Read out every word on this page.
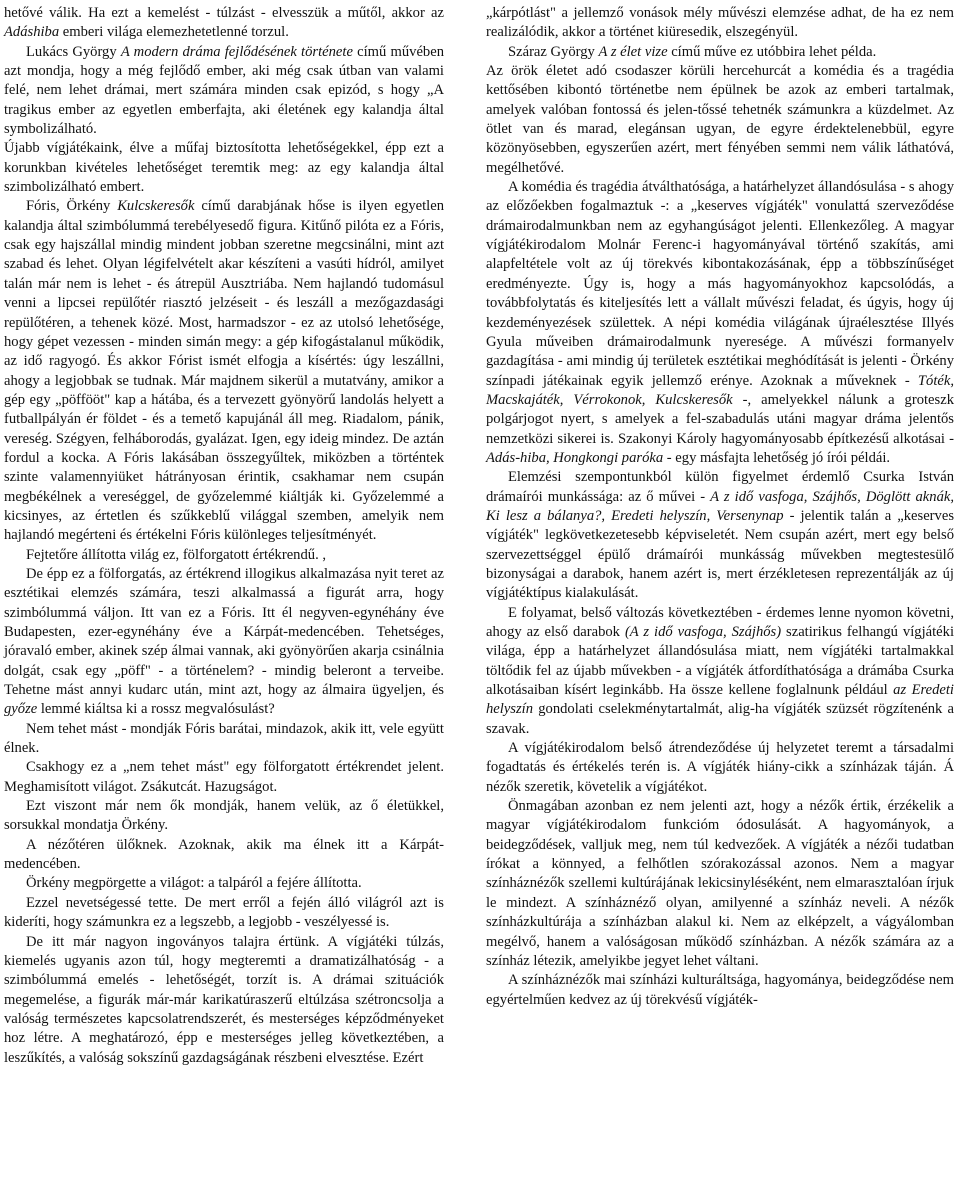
hetővé válik. Ha ezt a kemelést - túlzást - elvesszük a műtől, akkor az Adáshiba emberi világa elemezhetetlenné torzul.

Lukács György A modern dráma fejlődésének története című művében azt mondja, hogy a még fejlődő ember, aki még csak útban van valami felé, nem lehet drámai, mert számára minden csak epizód, s hogy „A tragikus ember az egyetlen emberfajta, aki életének egy kalandja által symbolizálható.

Újabb vígjátékaink, élve a műfaj biztosította lehetőségekkel, épp ezt a korunkban kivételes lehetőséget teremtik meg: az egy kalandja által szimbolizálható embert.

Fóris, Örkény Kulcskeresők című darabjának hőse is ilyen egyetlen kalandja által szimbólummá terebélyesedő figura. Kitűnő pilóta ez a Fóris, csak egy hajszállal mindig mindent jobban szeretne megcsinálni, mint azt szabad és lehet. Olyan légifelvételt akar készíteni a vasúti hídról, amilyet talán már nem is lehet - és átrepül Ausztriába. Nem hajlandó tudomásul venni a lipcsei repülőtér riasztó jelzéseit - és leszáll a mezőgazdasági repülőtéren, a tehenek közé. Most, harmadszor - ez az utolsó lehetősége, hogy gépet vezessen - minden simán megy: a gép kifogástalanul működik, az idő ragyogó. És akkor Fórist ismét elfogja a kísértés: úgy leszállni, ahogy a legjobbak se tudnak. Már majdnem sikerül a mutatvány, amikor a gép egy „pöffööt" kap a hátába, és a tervezett gyönyörű landolás helyett a futballpályán ér földet - és a temető kapujánál áll meg. Riadalom, pánik, vereség. Szégyen, felháborodás, gyalázat. Igen, egy ideig mindez. De aztán fordul a kocka. A Fóris lakásában összegyűltek, miközben a történtek szinte valamennyiüket hátrányosan érintik, csakhamar nem csupán megbékélnek a vereséggel, de győzelemmé kiáltják ki. Győzelemmé a kicsinyes, az értetlen és szűkkeblű világgal szemben, amelyik nem hajlandó megérteni és értékelni Fóris különleges teljesítményét.

Fejtetőre állította világ ez, fölforgatott értékrendű. ,

De épp ez a fölforgatás, az értékrend illogikus alkalmazása nyit teret az esztétikai elemzés számára, teszi alkalmassá a figurát arra, hogy szimbólummá váljon. Itt van ez a Fóris. Itt él negyven-egynéhány éve Budapesten, ezer-egynéhány éve a Kárpát-medencében. Tehetséges, jóravaló ember, akinek szép álmai vannak, aki gyönyörűen akarja csinálnia dolgát, csak egy „pöff" - a történelem? - mindig beleront a terveibe. Tehetne mást annyi kudarc után, mint azt, hogy az álmaira ügyeljen, és győze lemmé kiáltsa ki a rossz megvalósulást?

Nem tehet mást - mondják Fóris barátai, mindazok, akik itt, vele együtt élnek.

Csakhogy ez a „nem tehet mást" egy fölforgatott értékrendet jelent. Meghamisított világot. Zsákutcát. Hazugságot.

Ezt viszont már nem ők mondják, hanem velük, az ő életükkel, sorsukkal mondatja Örkény.

A nézőtéren ülőknek. Azoknak, akik ma élnek itt a Kárpát-medencében.

Örkény megpörgette a világot: a talpáról a fejére állította.

Ezzel nevetségessé tette. De mert erről a fején álló világról azt is kideríti, hogy számunkra ez a legszebb, a legjobb - veszélyessé is.

De itt már nagyon ingoványos talajra értünk. A vígjátéki túlzás, kiemelés ugyanis azon túl, hogy megteremti a dramatizálhatóság - a szimbólummá emelés - lehetőségét, torzít is. A drámai szituációk megemelése, a figurák már-már karikatúraszerű eltúlzása szétroncsolja a valóság természetes kapcsolatrendszerét, és mesterséges képződményeket hoz létre. A meghatározó, épp e mesterséges jelleg következtében, a leszűkítés, a valóság sokszínű gazdagságának részbeni elvesztése. Ezért

„kárpótlást" a jellemző vonások mély művészi elemzése adhat, de ha ez nem realizálódik, akkor a történet kiüresedik, elszegényül.

Száraz György A z élet vize című műve ez utóbbira lehet példa.

Az örök életet adó csodaszer körüli hercehurcát a komédia és a tragédia kettősében kibontó történetbe nem épülnek be azok az emberi tartalmak, amelyek valóban fontossá és jelen-tőssé tehetnék számunkra a küzdelmet. Az ötlet van és marad, elegánsan ugyan, de egyre érdektelenebbül, egyre közönyösebben, egyszerűen azért, mert fényében semmi nem válik láthatóvá, megélhetővé.

A komédia és tragédia átválthatósága, a határhelyzet állandósulása - s ahogy az előzőekben fogalmaztuk -: a „keserves vígjáték" vonulattá szerveződése drámairodalmunkban nem az egyhangúságot jelenti. Ellenkezőleg. A magyar vígjátékirodalom Molnár Ferenc-i hagyományával történő szakítás, ami alapfeltétele volt az új törekvés kibontakozásának, épp a többszínűséget eredményezte. Úgy is, hogy a más hagyományokhoz kapcsolódás, a továbbfolytatás és kiteljesítés lett a vállalt művészi feladat, és úgyis, hogy új kezdeményezések születtek. A népi komédia világának újraélesztése Illyés Gyula műveiben drámairodalmunk nyeresége. A művészi formanyelv gazdagítása - ami mindig új területek esztétikai meghódítását is jelenti - Örkény színpadi játékainak egyik jellemző erénye. Azoknak a műveknek - Tóték, Macskajáték, Vérrokonok, Kulcskeresők -, amelyekkel nálunk a groteszk polgárjogot nyert, s amelyek a fel-szabadulás utáni magyar dráma jelentős nemzetközi sikerei is. Szakonyi Károly hagyományosabb építkezésű alkotásai - Adás-hiba, Hongkongi paróka - egy másfajta lehetőség jó írói példái.

Elemzési szempontunkból külön figyelmet érdemlő Csurka István drámaírói munkássága: az ő művei - A z idő vasfoga, Szájhős, Döglött aknák, Ki lesz a bálanya?, Eredeti helyszín, Versenynap - jelentik talán a „keserves vígjáték" legkövetkezetesebb képviseletét. Nem csupán azért, mert egy belső szervezettséggel épülő drámaírói munkásság művekben megtestesülő bizonyságai a darabok, hanem azért is, mert érzékletesen reprezentálják az új vígjátéktípus kialakulását.

E folyamat, belső változás következtében - érdemes lenne nyomon követni, ahogy az első darabok (A z idő vasfoga, Szájhős) szatirikus felhangú vígjátéki világa, épp a határhelyzet állandósulása miatt, nem vígjátéki tartalmakkal töltődik fel az újabb művekben - a vígjáték átfordíthatósága a drámába Csurka alkotásaiban kísért leginkább. Ha össze kellene foglalnunk például az Eredeti helyszín gondolati cselekménytartalmát, alig-ha vígjáték szüzsét rögzítenénk a szavak.

A vígjátékirodalom belső átrendeződése új helyzetet teremt a társadalmi fogadtatás és értékelés terén is. A vígjáték hiány-cikk a színházak táján. Á nézők szeretik, követelik a vígjátékot.

Önmagában azonban ez nem jelenti azt, hogy a nézők értik, érzékelik a magyar vígjátékirodalom funkcióm ódosulását. A hagyományok, a beidegződések, valljuk meg, nem túl kedvezőek. A vígjáték a nézői tudatban írókat a könnyed, a felhőtlen szórakozással azonos. Nem a magyar színháznézők szellemi kultúrájának lekicsinyléséként, nem elmarasztalóan írjuk le mindezt. A színháznéző olyan, amilyenné a színház neveli. A nézők színházkultúrája a színházban alakul ki. Nem az elképzelt, a vágyálomban megélvő, hanem a valóságosan működő színházban. A nézők számára az a színház létezik, amelyikbe jegyet lehet váltani.

A színháznézők mai színházi kulturáltsága, hagyománya, beidegződése nem egyértelműen kedvez az új törekvésű vígjáték-
